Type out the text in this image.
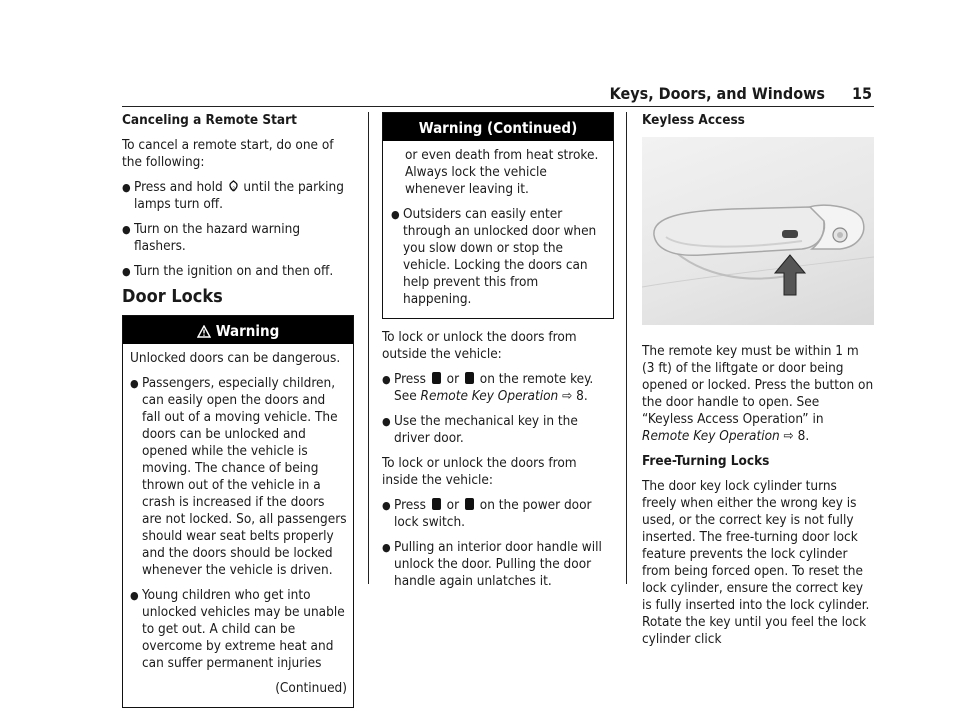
Keys, Doors, and Windows 15

Canceling a Remote Start

To cancel a remote start, do one of the following:

● Press and hold x2 until the parking lamps turn off.
● Turn on the hazard warning flashers.
● Turn the ignition on and then off.
Door Locks
Warning

Unlocked doors can be dangerous.

● Passengers, especially children, can easily open the doors and fall out of a moving vehicle. The doors can be unlocked and opened while the vehicle is moving. The chance of being thrown out of the vehicle in a crash is increased if the doors are not locked. So, all passengers should wear seat belts properly and the doors should be locked whenever the vehicle is driven.
● Young children who get into unlocked vehicles may be unable to get out. A child can be overcome by extreme heat and can suffer permanent injuries

(Continued)

Warning (Continued)

or even death from heat stroke. Always lock the vehicle whenever leaving it.

● Outsiders can easily enter through an unlocked door when you slow down or stop the vehicle. Locking the doors can help prevent this from happening.

To lock or unlock the doors from outside the vehicle:

● Press  or  on the remote key. See Remote Key Operation ⇨ 8.
● Use the mechanical key in the driver door.

To lock or unlock the doors from inside the vehicle:

● Press  or  on the power door lock switch.
● Pulling an interior door handle will unlock the door. Pulling the door handle again unlatches it.

Keyless Access

The remote key must be within 1 m (3 ft) of the liftgate or door being opened or locked. Press the button on the door handle to open. See “Keyless Access Operation” in Remote Key Operation ⇨ 8.

Free-Turning Locks

The door key lock cylinder turns freely when either the wrong key is used, or the correct key is not fully inserted. The free-turning door lock feature prevents the lock cylinder from being forced open. To reset the lock cylinder, ensure the correct key is fully inserted into the lock cylinder. Rotate the key until you feel the lock cylinder click
